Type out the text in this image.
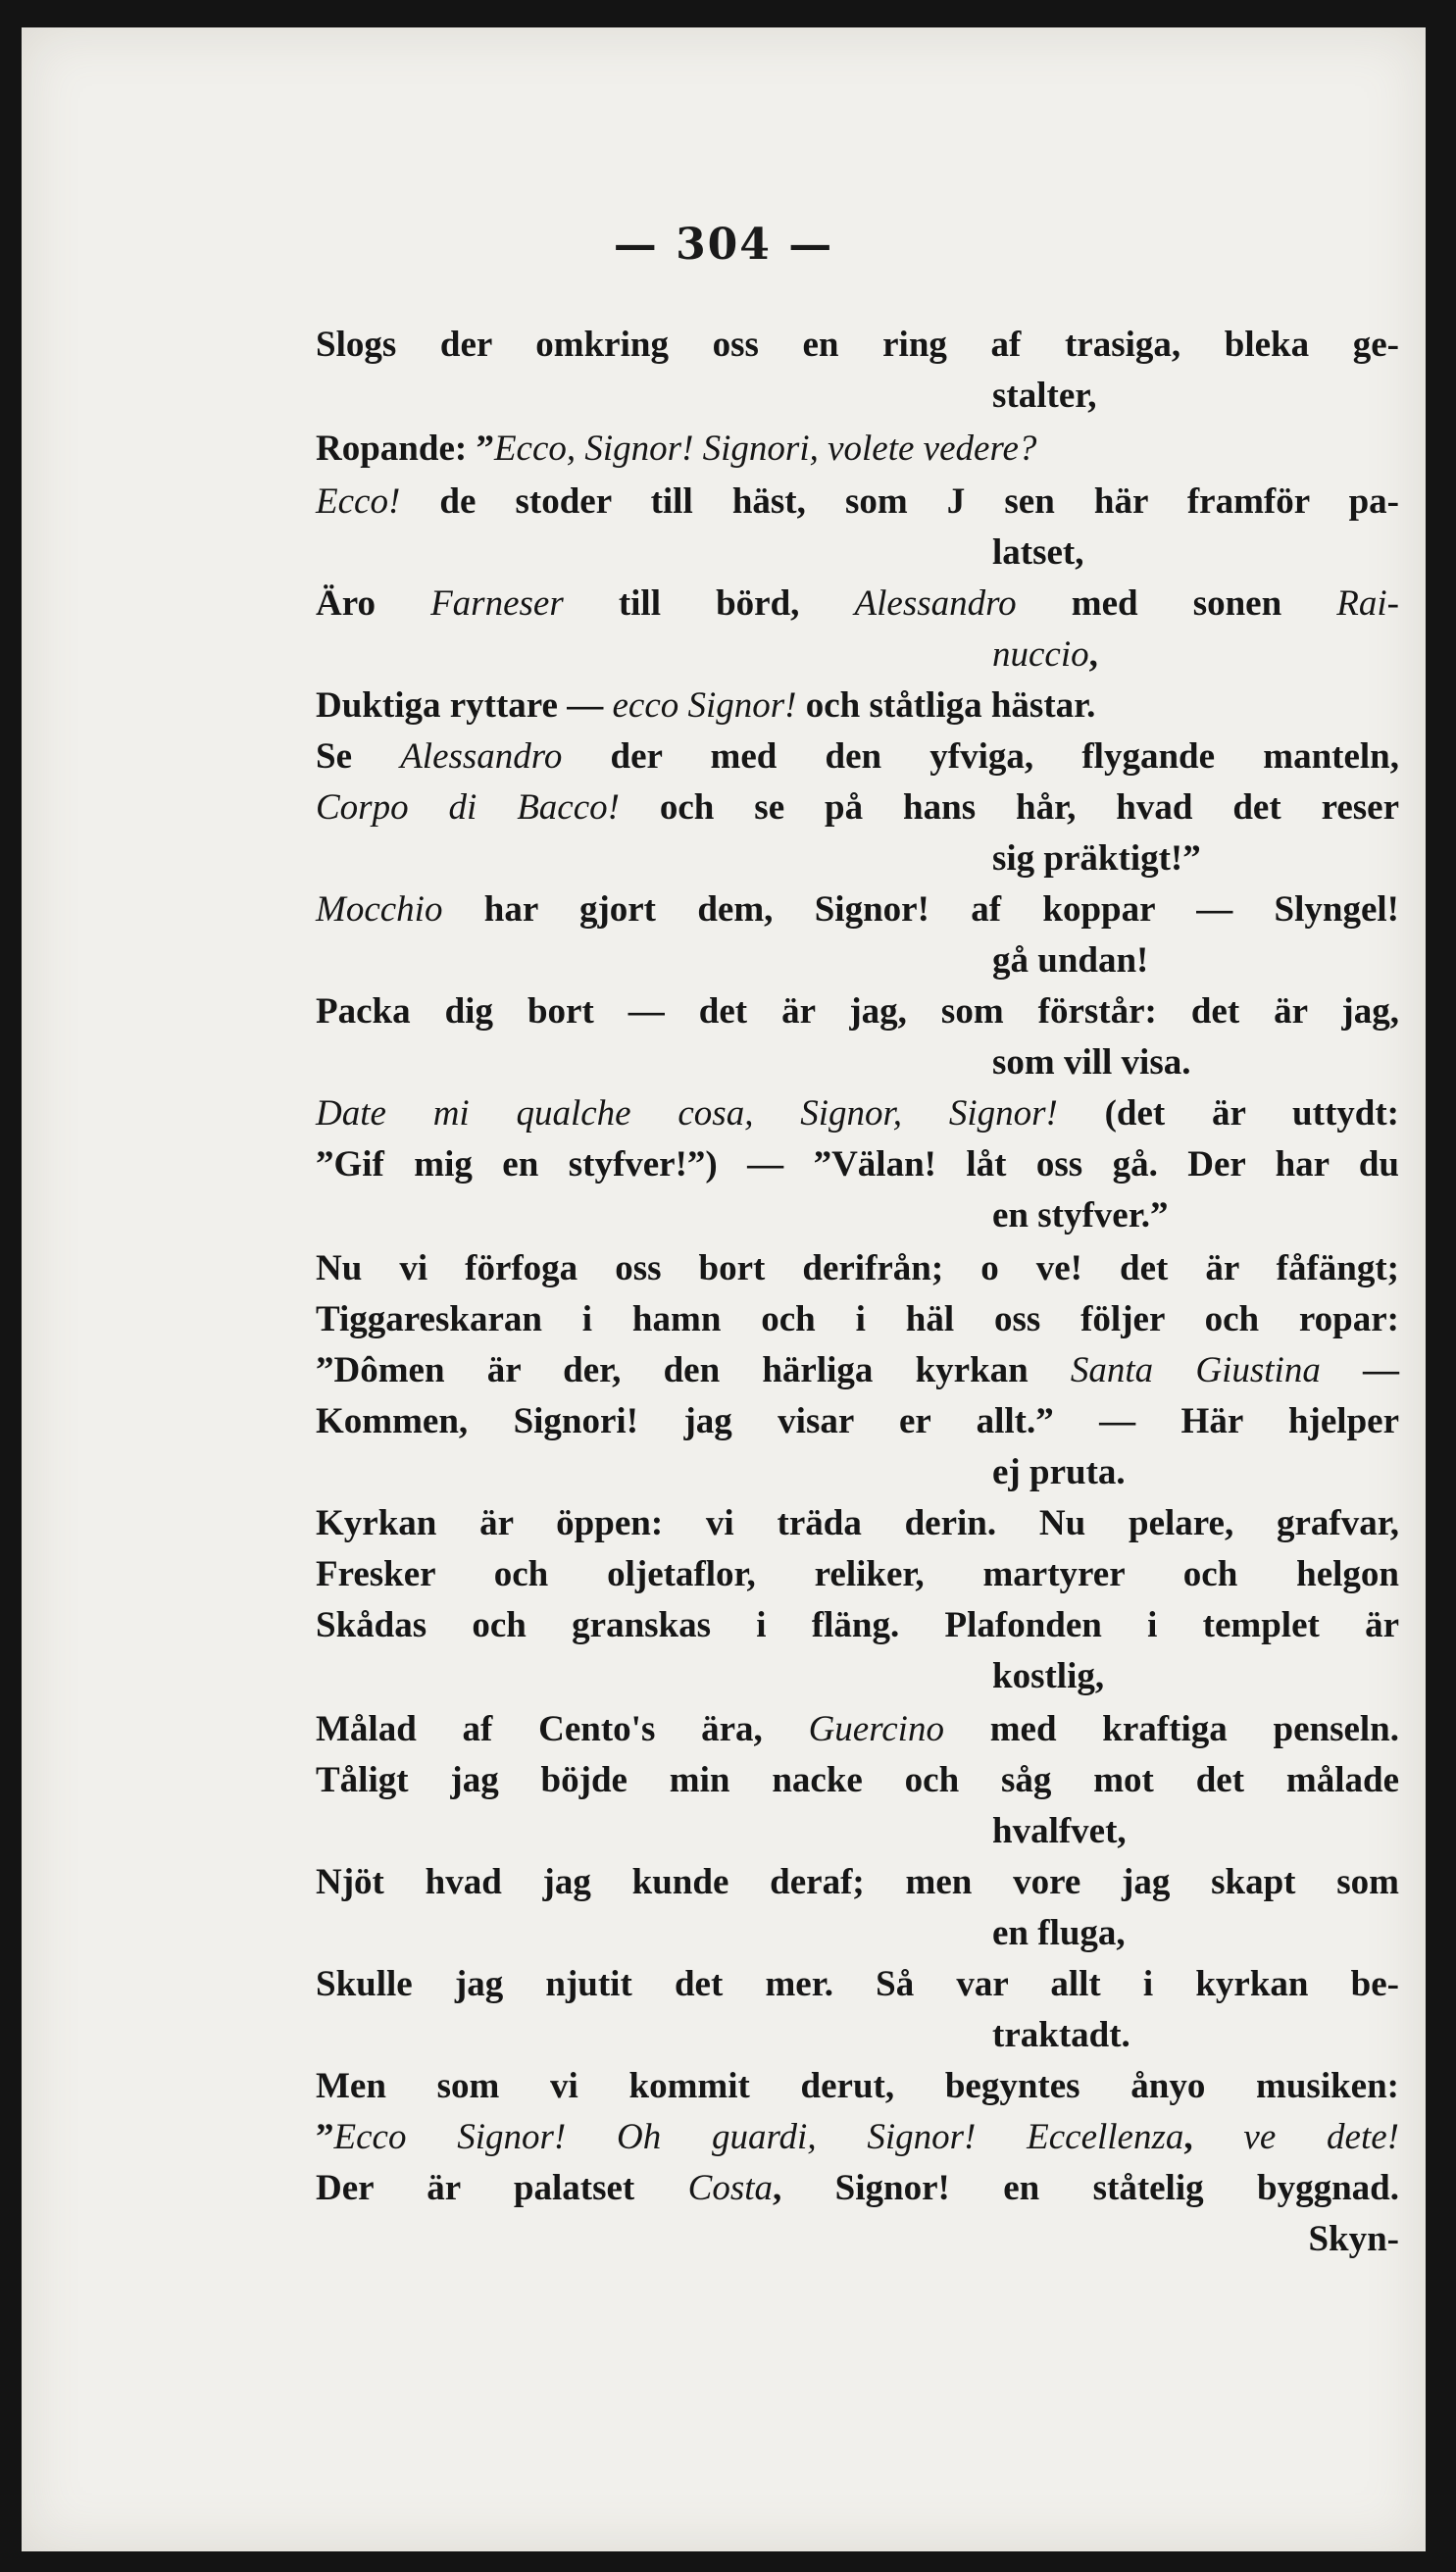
— 304 —
Slogs der omkring oss en ring af trasiga, bleka ge-
stalter,
Ropande: ”Ecco, Signor! Signori, volete vedere?
Ecco! de stoder till häst, som J sen här framför pa-
latset,
Äro Farneser till börd, Alessandro med sonen Rai-
nuccio,
Duktiga ryttare — ecco Signor! och ståtliga hästar.
Se Alessandro der med den yfviga, flygande manteln,
Corpo di Bacco! och se på hans hår, hvad det reser
sig präktigt!”
Mocchio har gjort dem, Signor! af koppar — Slyngel!
gå undan!
Packa dig bort — det är jag, som förstår: det är jag,
som vill visa.
Date mi qualche cosa, Signor, Signor! (det är uttydt:
”Gif mig en styfver!”) — ”Välan! låt oss gå. Der har du
en styfver.”
Nu vi förfoga oss bort derifrån; o ve! det är fåfängt;
Tiggareskaran i hamn och i häl oss följer och ropar:
”Dômen är der, den härliga kyrkan Santa Giustina —
Kommen, Signori! jag visar er allt.” — Här hjelper
ej pruta.
Kyrkan är öppen: vi träda derin. Nu pelare, grafvar,
Fresker och oljetaflor, reliker, martyrer och helgon
Skådas och granskas i fläng. Plafonden i templet är
kostlig,
Målad af Cento's ära, Guercino med kraftiga penseln.
Tåligt jag böjde min nacke och såg mot det målade
hvalfvet,
Njöt hvad jag kunde deraf; men vore jag skapt som
en fluga,
Skulle jag njutit det mer. Så var allt i kyrkan be-
traktadt.
Men som vi kommit derut, begyntes ånyo musiken:
”Ecco Signor! Oh guardi, Signor! Eccellenza, ve dete!
Der är palatset Costa, Signor! en ståtelig byggnad.
Skyn-
